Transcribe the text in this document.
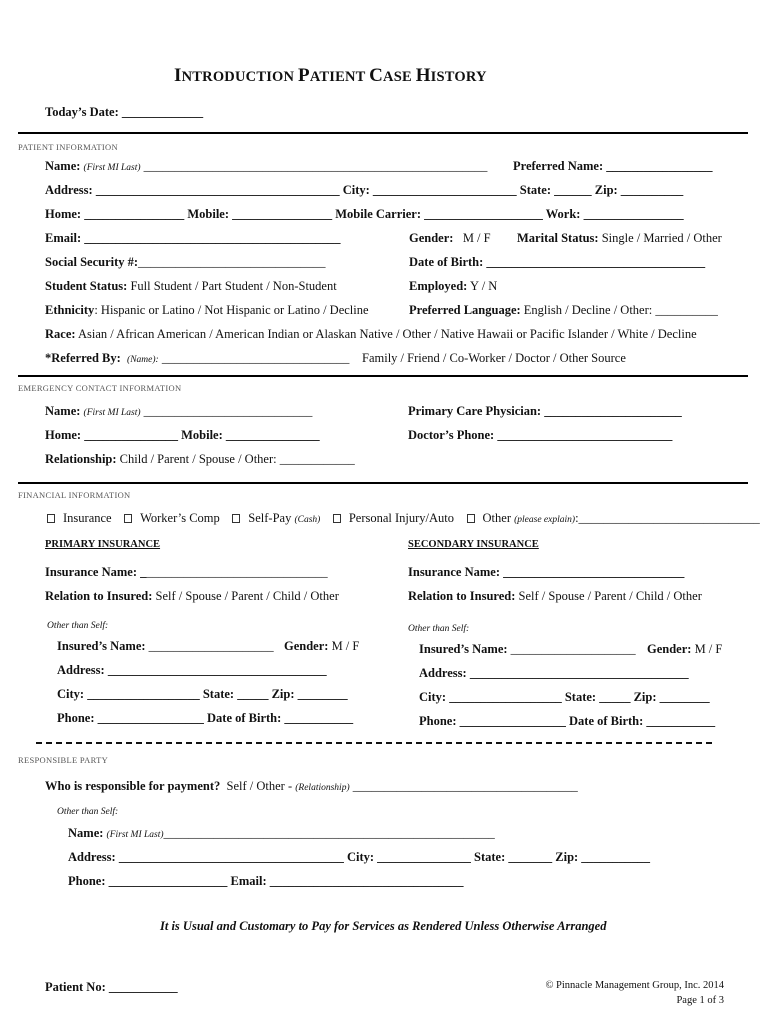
INTRODUCTION PATIENT CASE HISTORY
Today’s Date: _____________
PATIENT INFORMATION
Name: (First MI Last) _______________________________________________________ Preferred Name: _________________
Address: _______________________________________ City: _______________________ State: ______ Zip: __________
Home: ________________ Mobile: ________________ Mobile Carrier: ___________________ Work: ________________
Email: _________________________________________	Gender: M / F Marital Status: Single / Married / Other
Social Security #:______________________________	Date of Birth: ___________________________________
Student Status: Full Student / Part Student / Non-Student	Employed: Y / N
Ethnicity: Hispanic or Latino / Not Hispanic or Latino / Decline	Preferred Language: English / Decline / Other: __________
Race: Asian / African American / American Indian or Alaskan Native / Other / Native Hawaii or Pacific Islander / White / Decline
*Referred By: (Name): ______________________________ Family / Friend / Co-Worker / Doctor / Other Source
EMERGENCY CONTACT INFORMATION
Name: (First MI Last) ___________________________	Primary Care Physician: ______________________
Home: _______________ Mobile: _______________	Doctor’s Phone: ____________________________
Relationship: Child / Parent / Spouse / Other: ____________
FINANCIAL INFORMATION
Insurance Worker’s Comp Self-Pay (Cash) Personal Injury/Auto Other (please explain):_____________________________
PRIMARY INSURANCE
Insurance Name: ______________________________
Relation to Insured: Self / Spouse / Parent / Child / Other
Other than Self:
Insured’s Name: ____________________ Gender: M / F
Address: ___________________________________
City: __________________ State: _____ Zip: ________
Phone: _________________ Date of Birth: ___________
SECONDARY INSURANCE
Insurance Name: _____________________________
Relation to Insured: Self / Spouse / Parent / Child / Other
Other than Self:
Insured’s Name: ____________________ Gender: M / F
Address: ___________________________________
City: __________________ State: _____ Zip: ________
Phone: _________________ Date of Birth: ___________
RESPONSIBLE PARTY
Who is responsible for payment? Self / Other - (Relationship) ____________________________________
Other than Self:
Name: (First MI Last)_____________________________________________________
Address: ____________________________________ City: _______________ State: _______ Zip: ___________
Phone: ___________________ Email: _______________________________
It is Usual and Customary to Pay for Services as Rendered Unless Otherwise Arranged
Patient No: ___________	© Pinnacle Management Group, Inc. 2014
Page 1 of 3
